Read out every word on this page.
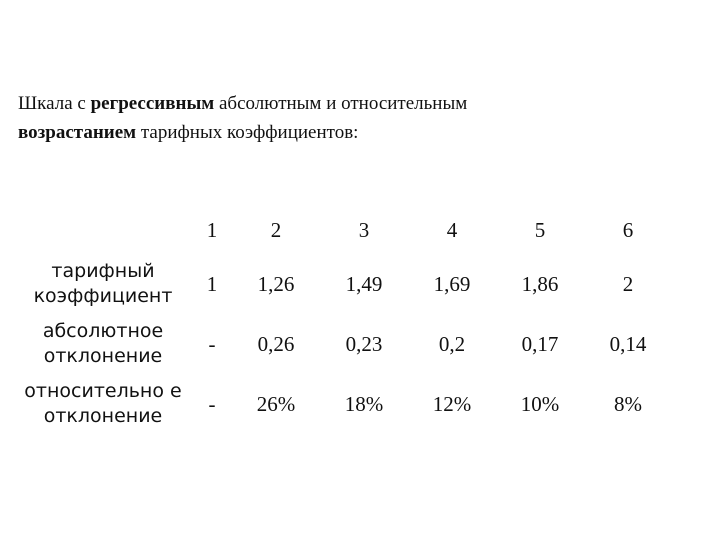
Шкала с регрессивным абсолютным и относительным
возрастанием тарифных коэффициентов:
	1	2	3	4	5	6
тарифный коэффициент	1	1,26	1,49	1,69	1,86	2
абсолютное отклонение	-	0,26	0,23	0,2	0,17	0,14
относительно е отклонение	-	26%	18%	12%	10%	8%
